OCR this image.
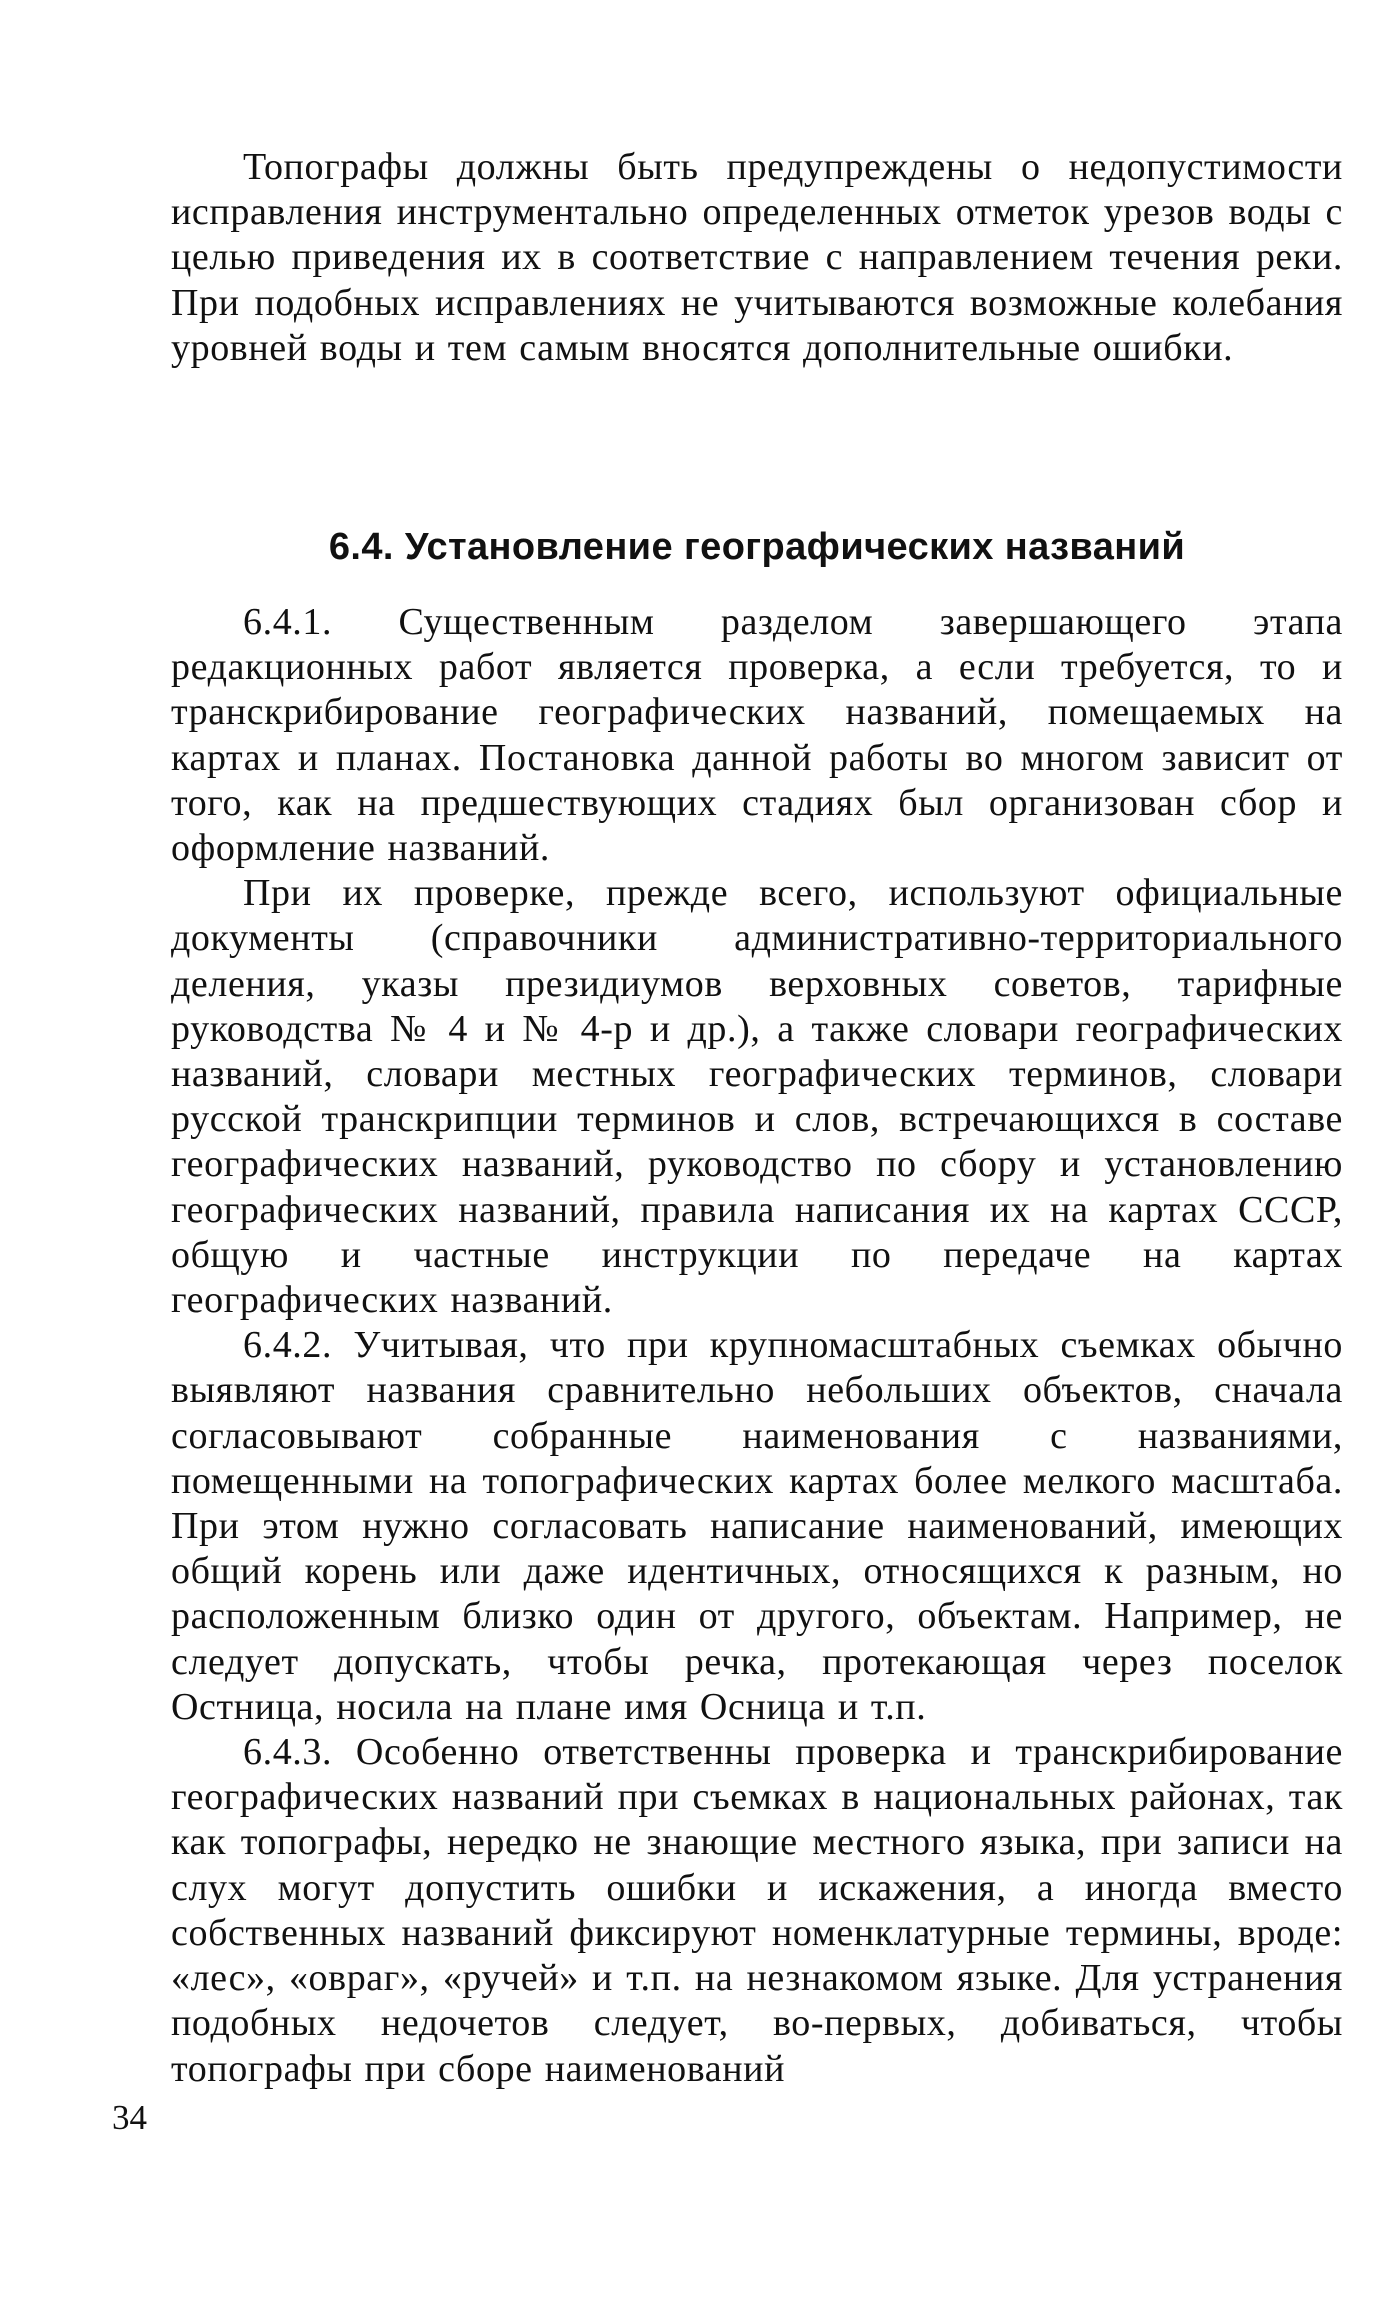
Топографы должны быть предупреждены о недопустимости исправления инструментально определенных отметок урезов воды с целью приведения их в соответствие с направлением течения реки. При подобных исправлениях не учитываются возможные колебания уровней воды и тем самым вносятся дополнительные ошибки.

6.4. Установление географических названий

6.4.1. Существенным разделом завершающего этапа редакционных работ является проверка, а если требуется, то и транскрибирование географических названий, помещаемых на картах и планах. Постановка данной работы во многом зависит от того, как на предшествующих стадиях был организован сбор и оформление названий.

При их проверке, прежде всего, используют официальные документы (справочники административно-территориального деления, указы президиумов верховных советов, тарифные руководства № 4 и № 4-р и др.), а также словари географических названий, словари местных географических терминов, словари русской транскрипции терминов и слов, встречающихся в составе географических названий, руководство по сбору и установлению географических названий, правила написания их на картах СССР, общую и частные инструкции по передаче на картах географических названий.

6.4.2. Учитывая, что при крупномасштабных съемках обычно выявляют названия сравнительно небольших объектов, сначала согласовывают собранные наименования с названиями, помещенными на топографических картах более мелкого масштаба. При этом нужно согласовать написание наименований, имеющих общий корень или даже идентичных, относящихся к разным, но расположенным близко один от другого, объектам. Например, не следует допускать, чтобы речка, протекающая через поселок Остница, носила на плане имя Осница и т.п.

6.4.3. Особенно ответственны проверка и транскрибирование географических названий при съемках в национальных районах, так как топографы, нередко не знающие местного языка, при записи на слух могут допустить ошибки и искажения, а иногда вместо собственных названий фиксируют номенклатурные термины, вроде: «лес», «овраг», «ручей» и т.п. на незнакомом языке. Для устранения подобных недочетов следует, во-первых, добиваться, чтобы топографы при сборе наименований

34
